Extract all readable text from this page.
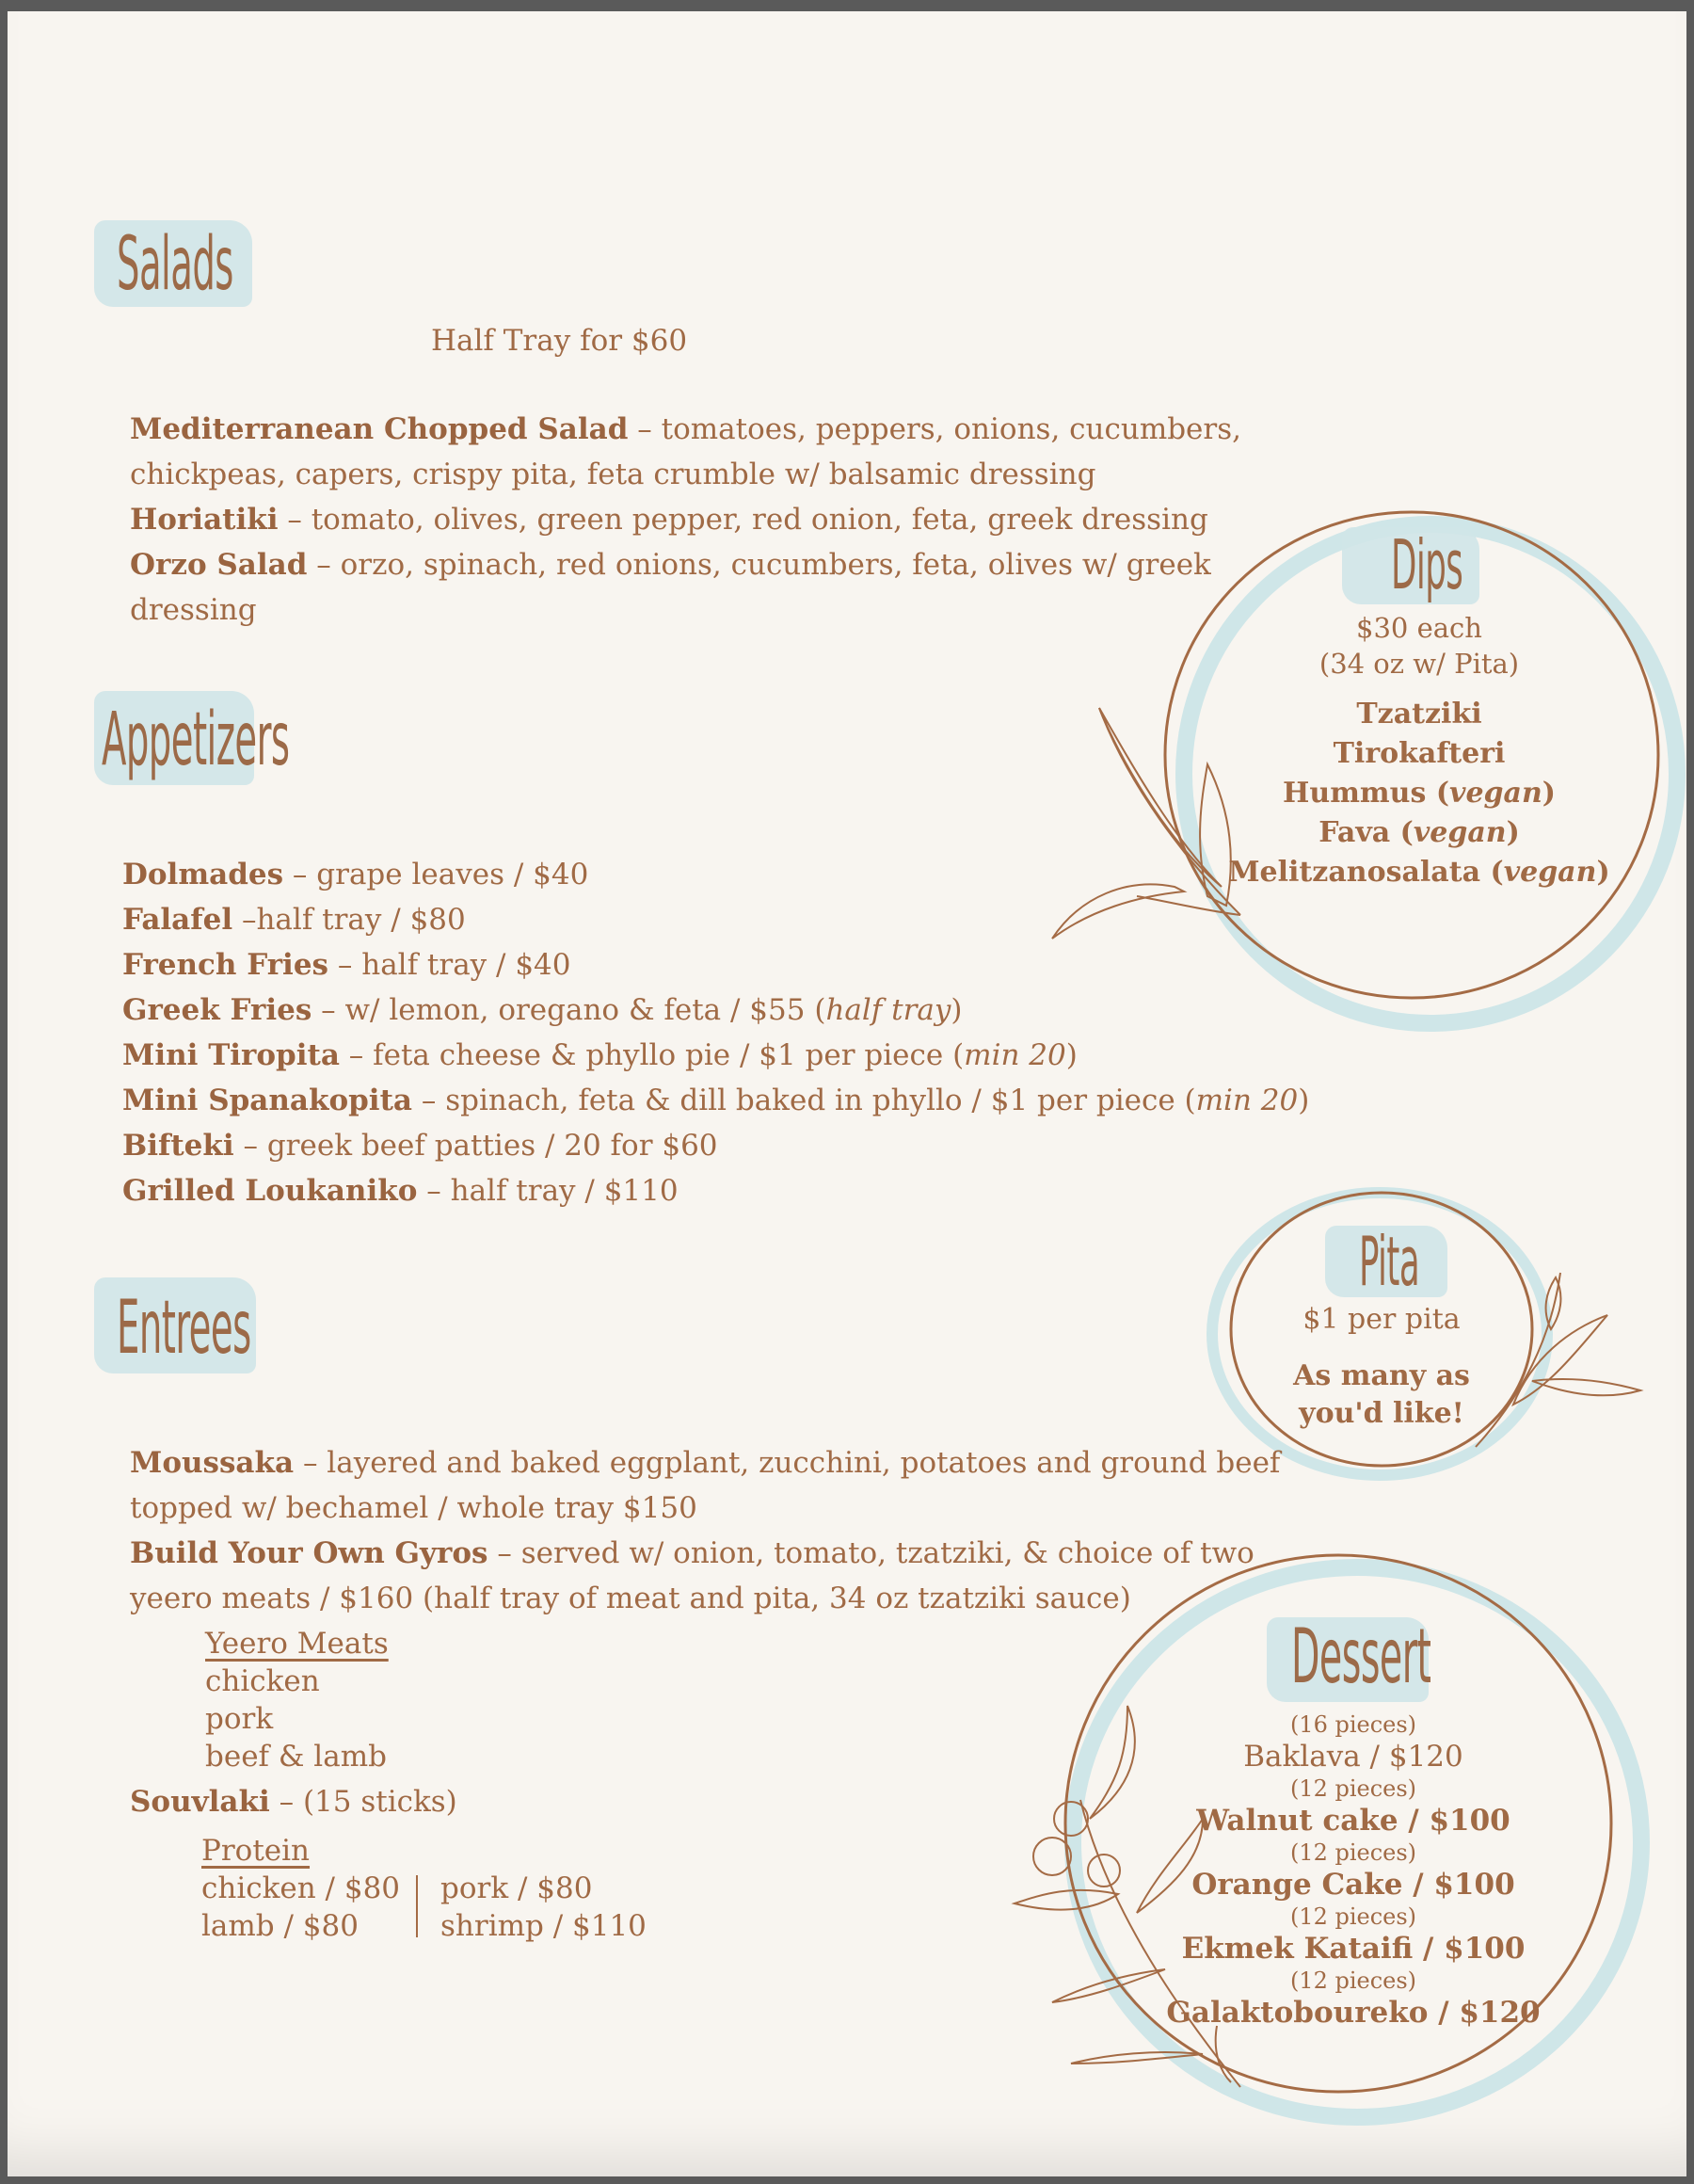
Salads
Half Tray for $60
Mediterranean Chopped Salad – tomatoes, peppers, onions, cucumbers,
chickpeas, capers, crispy pita, feta crumble w/ balsamic dressing
Horiatiki – tomato, olives, green pepper, red onion, feta, greek dressing
Orzo Salad – orzo, spinach, red onions, cucumbers, feta, olives w/ greek
dressing
Appetizers
Dolmades – grape leaves / $40
Falafel –half tray / $80
French Fries – half tray / $40
Greek Fries – w/ lemon, oregano & feta / $55 (half tray)
Mini Tiropita – feta cheese & phyllo pie / $1 per piece (min 20)
Mini Spanakopita – spinach, feta & dill baked in phyllo / $1 per piece (min 20)
Bifteki – greek beef patties / 20 for $60
Grilled Loukaniko – half tray / $110
Entrees
Moussaka – layered and baked eggplant, zucchini, potatoes and ground beef
topped w/ bechamel / whole tray $150
Build Your Own Gyros – served w/ onion, tomato, tzatziki, & choice of two
yeero meats / $160 (half tray of meat and pita, 34 oz tzatziki sauce)
Yeero Meats
chicken
pork
beef & lamb
Souvlaki – (15 sticks)
Protein
chicken / $80
lamb / $80
pork / $80
shrimp / $110
Dips
$30 each
(34 oz w/ Pita)
Tzatziki
Tirokafteri
Hummus (vegan)
Fava (vegan)
Melitzanosalata (vegan)
Pita
$1 per pita
As many as
you'd like!
Dessert
(16 pieces)
Baklava / $120
(12 pieces)
Walnut cake / $100
(12 pieces)
Orange Cake / $100
(12 pieces)
Ekmek Kataifi / $100
(12 pieces)
Galaktoboureko / $120
